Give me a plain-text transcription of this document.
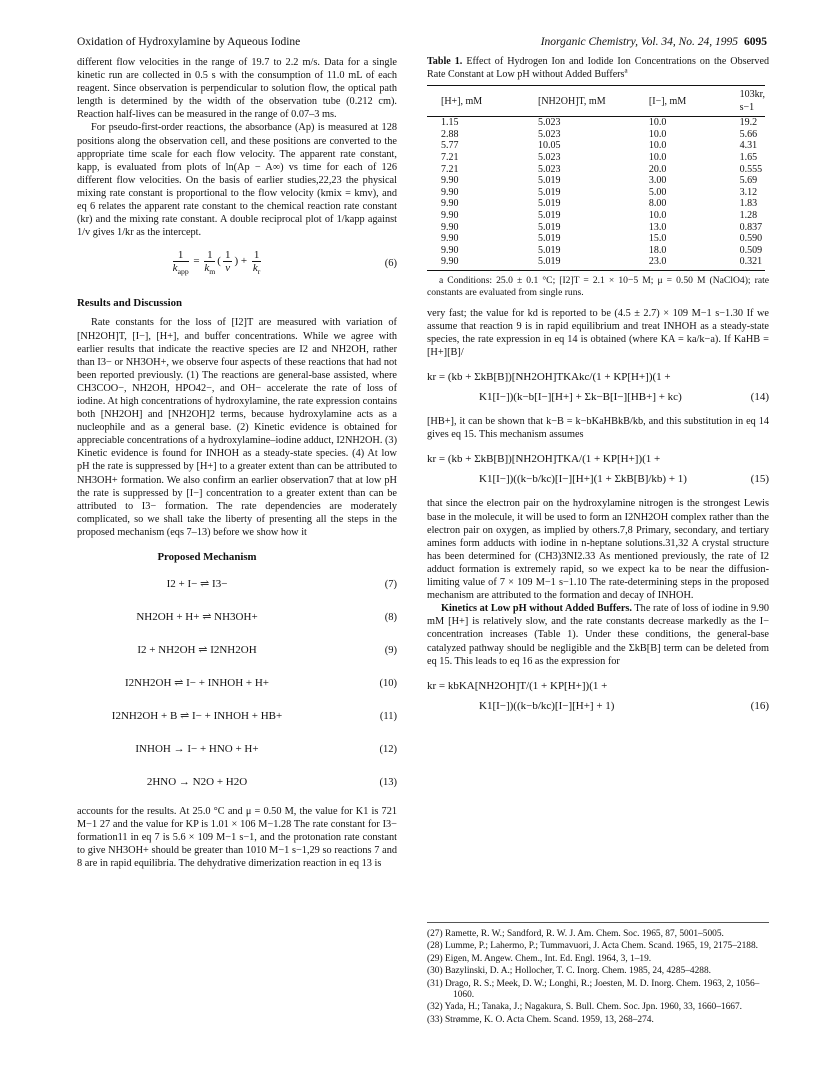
Oxidation of Hydroxylamine by Aqueous Iodine	Inorganic Chemistry, Vol. 34, No. 24, 1995 6095

different flow velocities in the range of 19.7 to 2.2 m/s. Data for a single kinetic run are collected in 0.5 s with the consumption of 11.0 mL of each reagent. Since observation is perpendicular to solution flow, the optical path length is determined by the width of the observation tube (0.212 cm). Reaction half-lives can be measured in the range of 0.07–3 ms.

For pseudo-first-order reactions, the absorbance (Ap) is measured at 128 positions along the observation cell, and these positions are converted to the appropriate time scale for each flow velocity. The apparent rate constant, kapp, is evaluated from plots of ln(Ap − A∞) vs time for each of 126 different flow velocities. On the basis of earlier studies,22,23 the physical mixing rate constant is proportional to the flow velocity (kmix = kmv), and eq 6 relates the apparent rate constant to the chemical reaction rate constant (kr) and the mixing rate constant. A double reciprocal plot of 1/kapp against 1/v gives 1/kr as the intercept.

$\frac{1}{k_{app}} = \frac{1}{k_m}$ ( $\frac{1}{v}$ ) + $\frac{1}{k_r}$	(6)
Results and Discussion

Rate constants for the loss of [I2]T are measured with variation of [NH2OH]T, [I−], [H+], and buffer concentrations. While we agree with earlier results that indicate the reactive species are I2 and NH2OH, rather than I3− or NH3OH+, we observe four aspects of these reactions that had not been reported previously. (1) The reactions are general-base assisted, where CH3COO−, NH2OH, HPO42−, and OH− accelerate the rate of loss of iodine. At high concentrations of hydroxylamine, the rate expression contains both [NH2OH] and [NH2OH]2 terms, because hydroxylamine acts as a nucleophile and as a general base. (2) Kinetic evidence is obtained for appreciable concentrations of a hydroxylamine–iodine adduct, I2NH2OH. (3) Kinetic evidence is found for INHOH as a steady-state species. (4) At low pH the rate is suppressed by [H+] to a greater extent than can be attributed to NH3OH+ formation. We also confirm an earlier observation7 that at low pH the rate is suppressed by [I−] concentration to a greater extent than can be attributed to I3− formation. The rate dependencies are moderately complicated, so we shall take the liberty of presenting all the steps in the proposed mechanism (eqs 7–13) before we show how it

Proposed Mechanism
I2 + I− ⇌ I3−	(7)
NH2OH + H+ ⇌ NH3OH+	(8)
I2 + NH2OH ⇌ I2NH2OH	(9)
I2NH2OH ⇌ I− + INHOH + H+	(10)
I2NH2OH + B ⇌ I− + INHOH + HB+	(11)
INHOH → I− + HNO + H+	(12)
2HNO → N2O + H2O	(13)

accounts for the results. At 25.0 °C and μ = 0.50 M, the value for K1 is 721 M−1 27 and the value for KP is 1.01 × 106 M−1.28 The rate constant for I3− formation11 in eq 7 is 5.6 × 109 M−1 s−1, and the protonation rate constant to give NH3OH+ should be greater than 1010 M−1 s−1,29 so reactions 7 and 8 are in rapid equilibria. The dehydrative dimerization reaction in eq 13 is

Table 1. Effect of Hydrogen Ion and Iodide Ion Concentrations on the Observed Rate Constant at Low pH without Added Buffers$^a$
[H+], mM	[NH2OH]T, mM	[I−], mM	103kr, s−1
1.15	5.023	10.0	19.2
2.88	5.023	10.0	5.66
5.77	10.05	10.0	4.31
7.21	5.023	10.0	1.65
7.21	5.023	20.0	0.555
9.90	5.019	3.00	5.69
9.90	5.019	5.00	3.12
9.90	5.019	8.00	1.83
9.90	5.019	10.0	1.28
9.90	5.019	13.0	0.837
9.90	5.019	15.0	0.590
9.90	5.019	18.0	0.509
9.90	5.019	23.0	0.321
a Conditions: 25.0 ± 0.1 °C; [I2]T = 2.1 × 10−5 M; μ = 0.50 M (NaClO4); rate constants are evaluated from single runs.

very fast; the value for kd is reported to be (4.5 ± 2.7) × 109 M−1 s−1.30 If we assume that reaction 9 is in rapid equilibrium and treat INHOH as a steady-state species, the rate expression in eq 14 is obtained (where KA = ka/k−a). If KaHB = [H+][B]/

kr = (kb + ΣkB[B])[NH2OH]TKAkc/(1 + KP[H+])(1 +
K1[I−])(k−b[I−][H+] + Σk−B[I−][HB+] + kc)	(14)

[HB+], it can be shown that k−B = k−bKaHBkB/kb, and this substitution in eq 14 gives eq 15. This mechanism assumes

kr = (kb + ΣkB[B])[NH2OH]TKA/(1 + KP[H+])(1 +
K1[I−])((k−b/kc)[I−][H+](1 + ΣkB[B]/kb) + 1)	(15)

that since the electron pair on the hydroxylamine nitrogen is the strongest Lewis base in the molecule, it will be used to form an I2NH2OH complex rather than the electron pair on oxygen, as implied by others.7,8 Primary, secondary, and tertiary amines form adducts with iodine in n-heptane solutions.31,32 A crystal structure has been determined for (CH3)3NI2.33 As mentioned previously, the rate of I2 adduct formation is extremely rapid, so we expect ka to be near the diffusion-limiting value of 7 × 109 M−1 s−1.10 The rate-determining steps in the proposed mechanism are attributed to the formation and decay of INHOH.

Kinetics at Low pH without Added Buffers. The rate of loss of iodine in 9.90 mM [H+] is relatively slow, and the rate constants decrease markedly as the I− concentration increases (Table 1). Under these conditions, the general-base catalyzed pathway should be negligible and the ΣkB[B] term can be deleted from eq 15. This leads to eq 16 as the expression for

kr = kbKA[NH2OH]T/(1 + KP[H+])(1 +
K1[I−])((k−b/kc)[I−][H+] + 1)	(16)
(27) Ramette, R. W.; Sandford, R. W. J. Am. Chem. Soc. 1965, 87, 5001–5005.
(28) Lumme, P.; Lahermo, P.; Tummavuori, J. Acta Chem. Scand. 1965, 19, 2175–2188.
(29) Eigen, M. Angew. Chem., Int. Ed. Engl. 1964, 3, 1–19.
(30) Bazylinski, D. A.; Hollocher, T. C. Inorg. Chem. 1985, 24, 4285–4288.
(31) Drago, R. S.; Meek, D. W.; Longhi, R.; Joesten, M. D. Inorg. Chem. 1963, 2, 1056–1060.
(32) Yada, H.; Tanaka, J.; Nagakura, S. Bull. Chem. Soc. Jpn. 1960, 33, 1660–1667.
(33) Strømme, K. O. Acta Chem. Scand. 1959, 13, 268–274.
